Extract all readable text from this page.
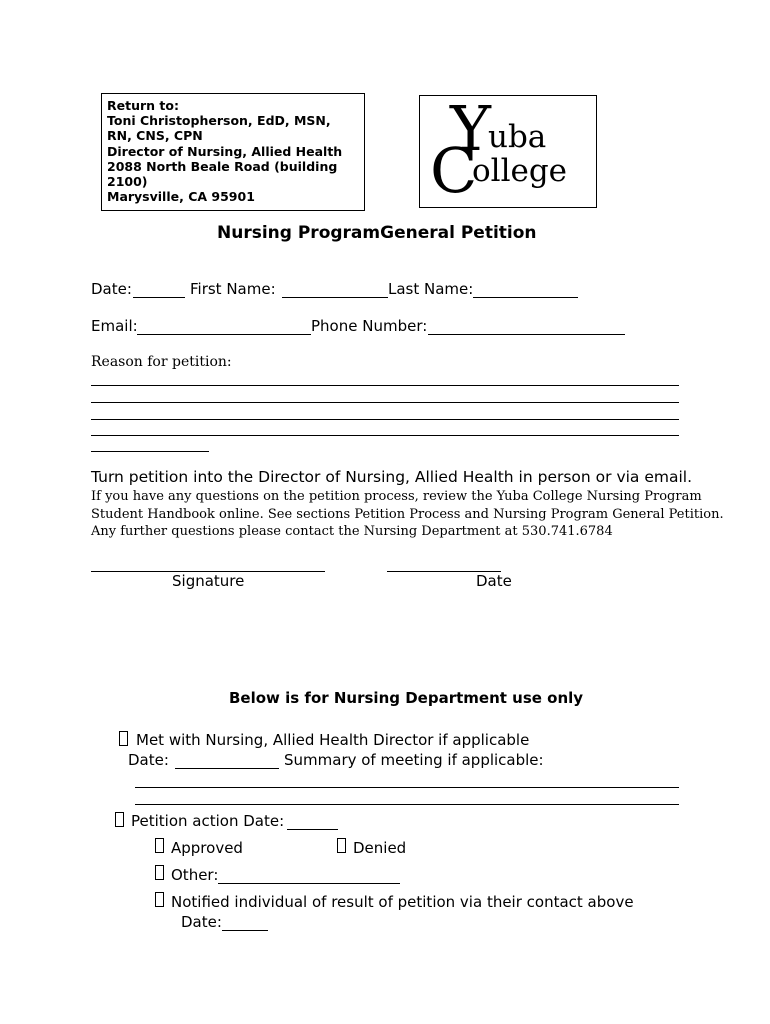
Return to:
Toni Christopherson, EdD, MSN,
RN, CNS, CPN
Director of Nursing, Allied Health
2088 North Beale Road (building
2100)
Marysville, CA 95901
Y
uba
C
ollege
Nursing ProgramGeneral Petition
Date:	First Name:	Last Name:
Email:	Phone Number:
Reason for petition:
Turn petition into the Director of Nursing, Allied Health in person or via email.
If you have any questions on the petition process, review the Yuba College Nursing Program
Student Handbook online. See sections Petition Process and Nursing Program General Petition.
Any further questions please contact the Nursing Department at 530.741.6784
Signature	Date
Below is for Nursing Department use only
Met with Nursing, Allied Health Director if applicable
Date:	Summary of meeting if applicable:
Petition action Date:
Approved	Denied
Other:
Notified individual of result of petition via their contact above
Date:
